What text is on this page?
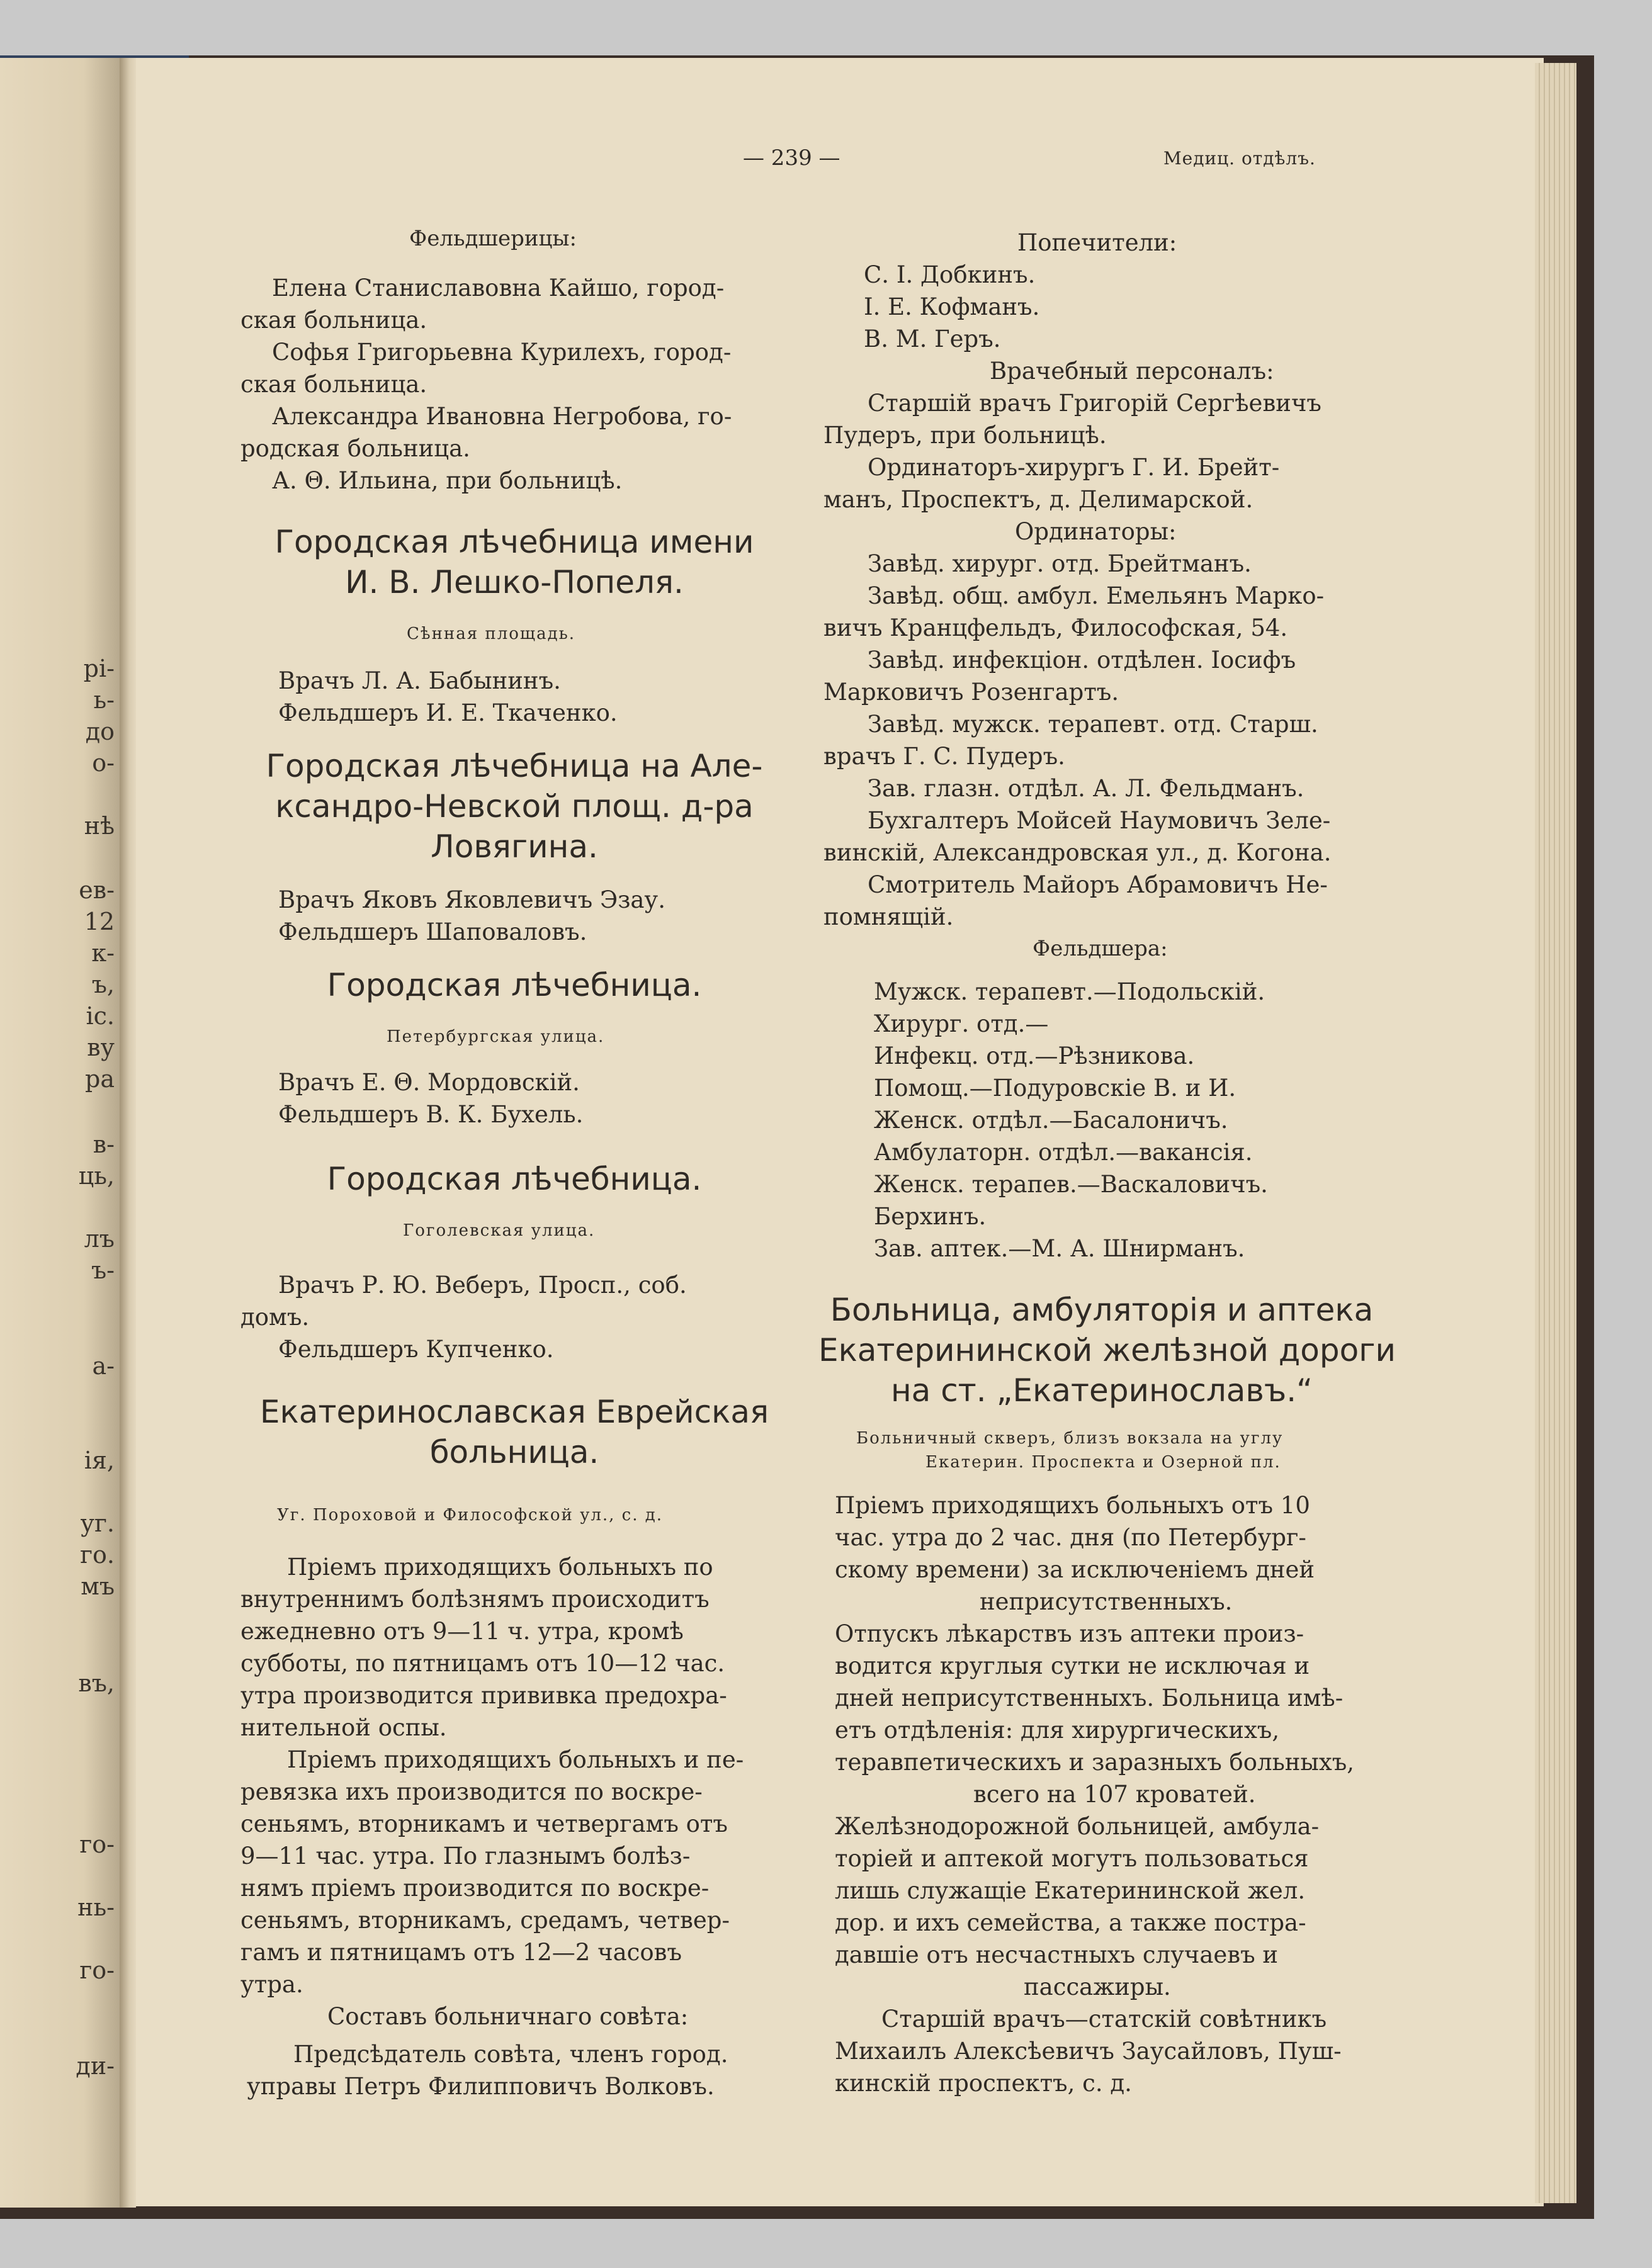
рі-
ь-
до
о-
нѣ
ев-
12
к-
ъ,
іс.
ву
ра
в-
ць,
лъ
ъ-
а-
ія,
уг.
го.
мъ
въ,
го-
нь-
го-
ди-

— 239 —	Медиц. отдѣлъ.

Фельдшерицы:

Елена Станиславовна Кайшо, город-

ская больница.

Софья Григорьевна Курилехъ, город-

ская больница.

Александра Ивановна Негробова, го-

родская больница.

А. Θ. Ильина, при больницѣ.

Городская лѣчебница имени

И. В. Лешко-Попеля.

Сѣнная площадь.

Врачъ Л. А. Бабынинъ.

Фельдшеръ И. Е. Ткаченко.

Городская лѣчебница на Але-

ксандро-Невской площ. д-ра

Ловягина.

Врачъ Яковъ Яковлевичъ Эзау.

Фельдшеръ Шаповаловъ.

Городская лѣчебница.

Петербургская улица.

Врачъ Е. Θ. Мордовскій.

Фельдшеръ В. К. Бухель.

Городская лѣчебница.

Гоголевская улица.

Врачъ Р. Ю. Веберъ, Просп., соб.

домъ.

Фельдшеръ Купченко.

Екатеринославская Еврейская

больница.

Уг. Пороховой и Философской ул., с. д.

Пріемъ приходящихъ больныхъ по

внутреннимъ болѣзнямъ происходитъ

ежедневно отъ 9—11 ч. утра, кромѣ

субботы, по пятницамъ отъ 10—12 час.

утра производится прививка предохра-

нительной оспы.

Пріемъ приходящихъ больныхъ и пе-

ревязка ихъ производится по воскре-

сеньямъ, вторникамъ и четвергамъ отъ

9—11 час. утра. По глазнымъ болѣз-

нямъ пріемъ производится по воскре-

сеньямъ, вторникамъ, средамъ, четвер-

гамъ и пятницамъ отъ 12—2 часовъ

утра.

Составъ больничнаго совѣта:

Предсѣдатель совѣта, членъ город.

управы Петръ Филипповичъ Волковъ.

Попечители:

С. І. Добкинъ.

І. Е. Кофманъ.

В. М. Геръ.

Врачебный персоналъ:

Старшій врачъ Григорій Сергѣевичъ

Пудеръ, при больницѣ.

Ординаторъ-хирургъ Г. И. Брейт-

манъ, Проспектъ, д. Делимарской.

Ординаторы:

Завѣд. хирург. отд. Брейтманъ.

Завѣд. общ. амбул. Емельянъ Марко-

вичъ Кранцфельдъ, Философская, 54.

Завѣд. инфекціон. отдѣлен. Іосифъ

Марковичъ Розенгартъ.

Завѣд. мужск. терапевт. отд. Старш.

врачъ Г. С. Пудеръ.

Зав. глазн. отдѣл. А. Л. Фельдманъ.

Бухгалтеръ Мойсей Наумовичъ Зеле-

винскій, Александровская ул., д. Когона.

Смотритель Майоръ Абрамовичъ Не-

помнящій.

Фельдшера:

Мужск. терапевт.—Подольскій.

Хирург. отд.—

Инфекц. отд.—Рѣзникова.

Помощ.—Подуровскіе В. и И.

Женск. отдѣл.—Басалоничъ.

Амбулаторн. отдѣл.—вакансія.

Женск. терапев.—Васкаловичъ.

Берхинъ.

Зав. аптек.—М. А. Шнирманъ.

Больница, амбуляторія и аптека

Екатерининской желѣзной дороги

на ст. „Екатеринославъ.“

Больничный скверъ, близъ вокзала на углу

Екатерин. Проспекта и Озерной пл.

Пріемъ приходящихъ больныхъ отъ 10

час. утра до 2 час. дня (по Петербург-

скому времени) за исключеніемъ дней

неприсутственныхъ.

Отпускъ лѣкарствъ изъ аптеки произ-

водится круглыя сутки не исключая и

дней неприсутственныхъ. Больница имѣ-

етъ отдѣленія: для хирургическихъ,

теравпетическихъ и заразныхъ больныхъ,

всего на 107 кроватей.

Желѣзнодорожной больницей, амбула-

торіей и аптекой могутъ пользоваться

лишь служащіе Екатерининской жел.

дор. и ихъ семейства, а также постра-

давшіе отъ несчастныхъ случаевъ и

пассажиры.

Старшій врачъ—статскій совѣтникъ

Михаилъ Алексѣевичъ Заусайловъ, Пуш-

кинскій проспектъ, с. д.
